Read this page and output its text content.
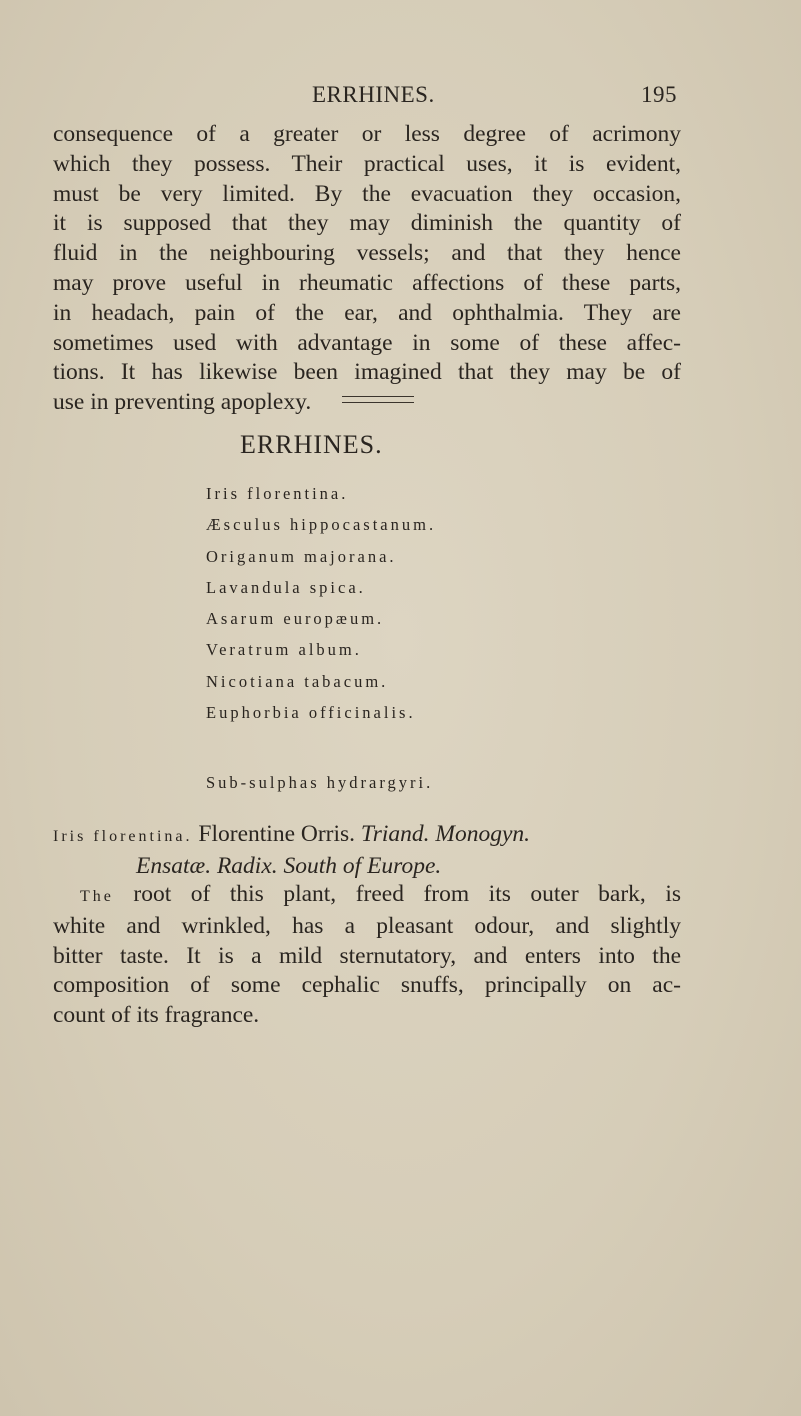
ERRHINES.	195

consequence of a greater or less degree of acrimony
which they possess. Their practical uses, it is evident,
must be very limited. By the evacuation they occasion,
it is supposed that they may diminish the quantity of
fluid in the neighbouring vessels; and that they hence
may prove useful in rheumatic affections of these parts,
in headach, pain of the ear, and ophthalmia. They are
sometimes used with advantage in some of these affec-
tions. It has likewise been imagined that they may be of
use in preventing apoplexy.

ERRHINES.
Iris florentina.
Æsculus hippocastanum.
Origanum majorana.
Lavandula spica.
Asarum europæum.
Veratrum album.
Nicotiana tabacum.
Euphorbia officinalis.
Sub-sulphas hydrargyri.
Iris florentina. Florentine Orris. Triand. Monogyn.
Ensatæ. Radix. South of Europe.

The root of this plant, freed from its outer bark, is
white and wrinkled, has a pleasant odour, and slightly
bitter taste. It is a mild sternutatory, and enters into the
composition of some cephalic snuffs, principally on ac-
count of its fragrance.
